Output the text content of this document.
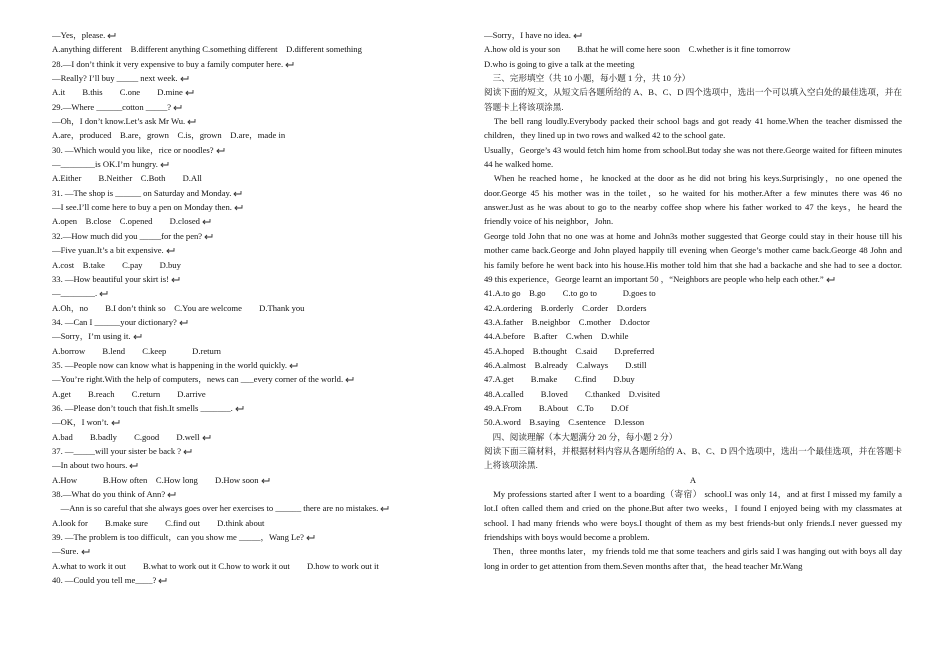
—Yes，please.
A.anything different　B.different anything C.something different　D.different something
28.—I don’t think it very expensive to buy a family computer here.
—Really? I’ll buy _____ next week.
A.it　　B.this　　C.one　　D.mine
29.—Where ______cotton _____?
—Oh，I don’t know.Let’s ask Mr Wu.
A.are，produced　B.are，grown　C.is，grown　D.are，made in
30. —Which would you like，rice or noodles?
—________is OK.I’m hungry.
A.Either　　B.Neither　C.Both　　D.All
31. —The shop is ______ on Saturday and Monday.
—I see.I’ll come here to buy a pen on Monday then.
A.open　B.close　C.opened　　D.closed
32.—How much did you _____for the pen?
—Five yuan.It’s a bit expensive.
A.cost　B.take　　C.pay　　D.buy
33. —How beautiful your skirt is!
—________.
A.Oh，no　　B.I don’t think so　C.You are welcome　　D.Thank you
34. —Can I ______your dictionary?
—Sorry，I’m using it.
A.borrow　　B.lend　　C.keep　　　D.return
35. —People now can know what is happening in the world quickly.
—You’re right.With the help of computers，news can ___every corner of the world.
A.get　　B.reach　　C.return　　D.arrive
36. —Please don’t touch that fish.It smells _______.
—OK，I won’t.
A.bad　　B.badly　　C.good　　D.well
37. —_____will your sister be back ?
—In about two hours.
A.How　　　B.How often　C.How long　　D.How soon
38.—What do you think of Ann?
　—Ann is so careful that she always goes over her exercises to ______ there are no mistakes.
A.look for　　B.make sure　　C.find out　　D.think about
39. —The problem is too difficult，can you show me _____，Wang Le?
—Sure.
A.what to work it out　　B.what to work out it C.how to work it out　　D.how to work out it
40. —Could you tell me____?
—Sorry，I have no idea.
A.how old is your son　　B.that he will come here soon　C.whether is it fine tomorrow
D.who is going to give a talk at the meeting
　三、完形填空（共 10 小题，每小题 1 分，共 10 分）
阅读下面的短文，从短文后各题所给的 A、B、C、D 四个选项中，选出一个可以填入空白处的最佳选项，并在答题卡上将该项涂黑.
　The bell rang loudly.Everybody packed their school bags and got ready 41 home.When the teacher dismissed the children，they lined up in two rows and walked 42 to the school gate.
Usually，George’s 43 would fetch him home from school.But today she was not there.George waited for fifteen minutes 44 he walked home.
　When he reached home，he knocked at the door as he did not bring his keys.Surprisingly，no one opened the door.George 45 his mother was in the toilet，so he waited for his mother.After a few minutes there was 46 no answer.Just as he was about to go to the nearby coffee shop where his father worked to 47 the keys，he heard the friendly voice of his neighbor，John.
George told John that no one was at home and John3s mother suggested that George could stay in their house till his mother came back.George and John played happily till evening when George’s mother came back.George 48 John and his family before he went back into his house.His mother told him that she had a backache and she had to see a doctor. 49 this experience，George learnt an important 50 ，“Neighbors are people who help each other.”
41.A.to go　B.go　　C.to go to　　　D.goes to
42.A.ordering　B.orderly　C.order　D.orders
43.A.father　B.neighbor　C.mother　D.doctor
44.A.before　B.after　C.when　D.while
45.A.hoped　B.thought　C.said　　D.preferred
46.A.almost　B.already　C.always　　D.still
47.A.get　　B.make　　C.find　　D.buy
48.A.called　　B.loved　　C.thanked　D.visited
49.A.From　　B.About　C.To　　D.Of
50.A.word　B.saying　C.sentence　D.lesson
　四、阅读理解（本大题满分 20 分，每小题 2 分）
阅读下面三篇材料，并根据材料内容从各题所给的 A、B、C、D 四个选项中，选出一个最佳选项，并在答题卡上将该项涂黑.
A
　My professions started after I went to a boarding（寄宿） school.I was only 14，and at first I missed my family a lot.I often called them and cried on the phone.But after two weeks，I found I enjoyed being with my classmates at school. I had many friends who were boys.I thought of them as my best friends-but only friends.I never guessed my friendships with boys would become a problem.
　Then，three months later，my friends told me that some teachers and girls said I was hanging out with boys all day long in order to get attention from them.Seven months after that，the head teacher Mr.Wang
